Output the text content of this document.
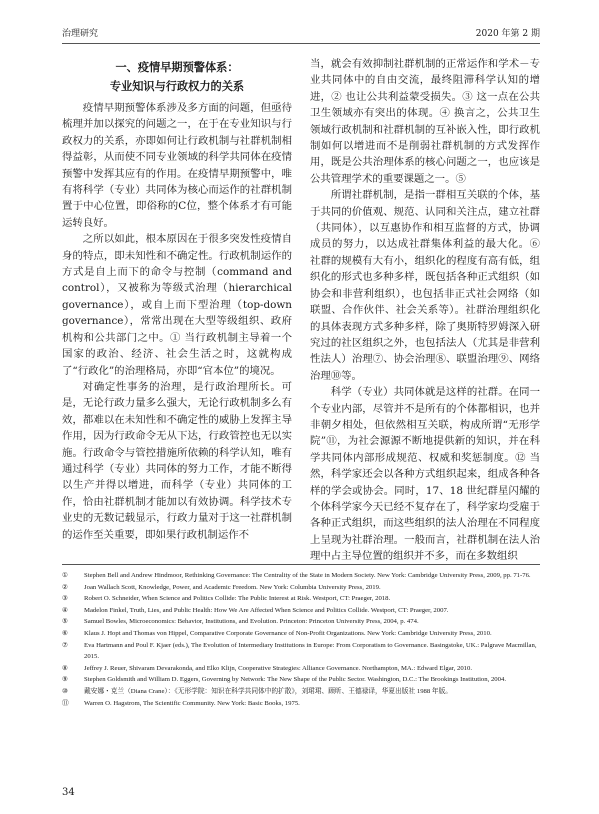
治理研究	2020 年第 2 期
一、疫情早期预警体系：
专业知识与行政权力的关系

疫情早期预警体系涉及多方面的问题，但亟待梳理并加以探究的问题之一，在于在专业知识与行政权力的关系，亦即如何让行政机制与社群机制相得益彰，从而使不同专业领域的科学共同体在疫情预警中发挥其应有的作用。在疫情早期预警中，唯有将科学（专业）共同体为核心而运作的社群机制置于中心位置，即俗称的C位，整个体系才有可能运转良好。

之所以如此，根本原因在于很多突发性疫情自身的特点，即未知性和不确定性。行政机制运作的方式是自上而下的命令与控制（command and control），又被称为等级式治理（hierarchical governance），或自上而下型治理（top-down governance），常常出现在大型等级组织、政府机构和公共部门之中。① 当行政机制主导着一个国家的政治、经济、社会生活之时，这就构成了“行政化”的治理格局，亦即“官本位”的境况。

对确定性事务的治理，是行政治理所长。可是，无论行政力量多么强大，无论行政机制多么有效，都难以在未知性和不确定性的威胁上发挥主导作用，因为行政命令无从下达，行政管控也无以实施。行政命令与管控措施所依赖的科学认知，唯有通过科学（专业）共同体的努力工作，才能不断得以生产并得以增进，而科学（专业）共同体的工作，恰由社群机制才能加以有效协调。科学技术专业史的无数记载显示，行政力量对于这一社群机制的运作至关重要，即如果行政机制运作不

当，就会有效抑制社群机制的正常运作和学术－专业共同体中的自由交流，最终阻滞科学认知的增进，② 也让公共利益蒙受损失。③ 这一点在公共卫生领域亦有突出的体现。④ 换言之，公共卫生领域行政机制和社群机制的互补嵌入性，即行政机制如何以增进而不是削弱社群机制的方式发挥作用，既是公共治理体系的核心问题之一，也应该是公共管理学术的重要课题之一。⑤

所谓社群机制，是指一群相互关联的个体，基于共同的价值观、规范、认同和关注点，建立社群（共同体），以互惠协作和相互监督的方式，协调成员的努力，以达成社群集体利益的最大化。⑥ 社群的规模有大有小，组织化的程度有高有低，组织化的形式也多种多样，既包括各种正式组织（如协会和非营利组织），也包括非正式社会网络（如联盟、合作伙伴、社会关系等）。社群治理组织化的具体表现方式多种多样，除了奥斯特罗姆深入研究过的社区组织之外，也包括法人（尤其是非营利性法人）治理⑦、协会治理⑧、联盟治理⑨、网络治理⑩等。

科学（专业）共同体就是这样的社群。在同一个专业内部，尽管并不是所有的个体都相识，也并非朝夕相处，但依然相互关联，构成所谓“无形学院”⑪，为社会源源不断地提供新的知识，并在科学共同体内部形成规范、权威和奖惩制度。⑫ 当然，科学家还会以各种方式组织起来，组成各种各样的学会或协会。同时，17、18 世纪群星闪耀的个体科学家今天已经不复存在了，科学家均受雇于各种正式组织，而这些组织的法人治理在不同程度上呈现为社群治理。一般而言，社群机制在法人治理中占主导位置的组织并不多，而在多数组织

①	Stephen Bell and Andrew Hindmoor, Rethinking Governance: The Centrality of the State in Modern Society. New York: Cambridge University Press, 2009, pp. 71-76.
②	Joan Wallach Scott, Knowledge, Power, and Academic Freedom. New York: Columbia University Press, 2019.
③	Robert O. Schneider, When Science and Politics Collide: The Public Interest at Risk. Westport, CT: Praeger, 2018.
④	Madelon Finkel, Truth, Lies, and Public Health: How We Are Affected When Science and Politics Collide. Westport, CT: Praeger, 2007.
⑤	Samuel Bowles, Microeconomics: Behavior, Institutions, and Evolution. Princeton: Princeton University Press, 2004, p. 474.
⑥	Klaus J. Hopt and Thomas von Hippel, Comparative Corporate Governance of Non-Profit Organizations. New York: Cambridge University Press, 2010.
⑦	Eva Hartmann and Poul F. Kjaer (eds.), The Evolution of Intermediary Institutions in Europe: From Corporatism to Governance. Basingstoke, UK.: Palgrave Macmillan, 2015.
⑧	Jeffrey J. Reuer, Shivaram Devarakonda, and Elko Klijn, Cooperative Strategies: Alliance Governance. Northampton, MA.: Edward Elgar, 2010.
⑨	Stephen Goldsmith and William D. Eggers, Governing by Network: The New Shape of the Public Sector. Washington, D.C.: The Brookings Institution, 2004.
⑩	戴安娜・克兰（Diana Crane）：《无形学院：知识在科学共同体中的扩散》，刘珺珺、顾昕、王德禄译，华夏出版社 1988 年版。
⑪	Warren O. Hagstrom, The Scientific Community. New York: Basic Books, 1975.
34
